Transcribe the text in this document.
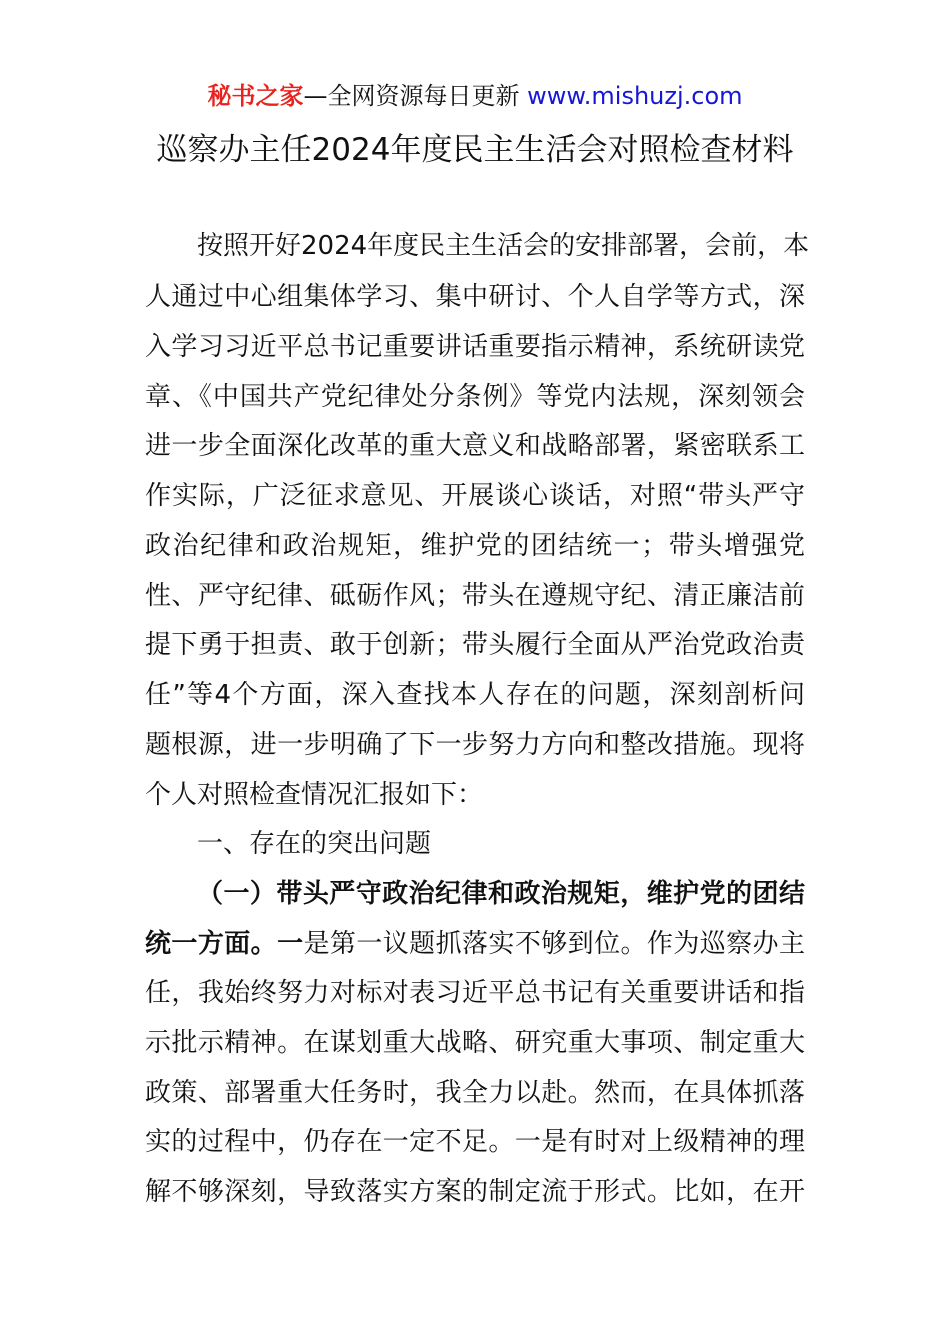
秘书之家—全网资源每日更新 www.mishuzj.com
巡察办主任2024年度民主生活会对照检查材料
按照开好2024年度民主生活会的安排部署，会前，本
人通过中心组集体学习、集中研讨、个人自学等方式，深
入学习习近平总书记重要讲话重要指示精神，系统研读党
章、《中国共产党纪律处分条例》等党内法规，深刻领会
进一步全面深化改革的重大意义和战略部署，紧密联系工
作实际，广泛征求意见、开展谈心谈话，对照“带头严守
政治纪律和政治规矩，维护党的团结统一；带头增强党
性、严守纪律、砥砺作风；带头在遵规守纪、清正廉洁前
提下勇于担责、敢于创新；带头履行全面从严治党政治责
任”等4个方面，深入查找本人存在的问题，深刻剖析问
题根源，进一步明确了下一步努力方向和整改措施。现将
个人对照检查情况汇报如下：
一、存在的突出问题
（一）带头严守政治纪律和政治规矩，维护党的团结
统一方面。一是第一议题抓落实不够到位。作为巡察办主
任，我始终努力对标对表习近平总书记有关重要讲话和指
示批示精神。在谋划重大战略、研究重大事项、制定重大
政策、部署重大任务时，我全力以赴。然而，在具体抓落
实的过程中，仍存在一定不足。一是有时对上级精神的理
解不够深刻，导致落实方案的制定流于形式。比如，在开
